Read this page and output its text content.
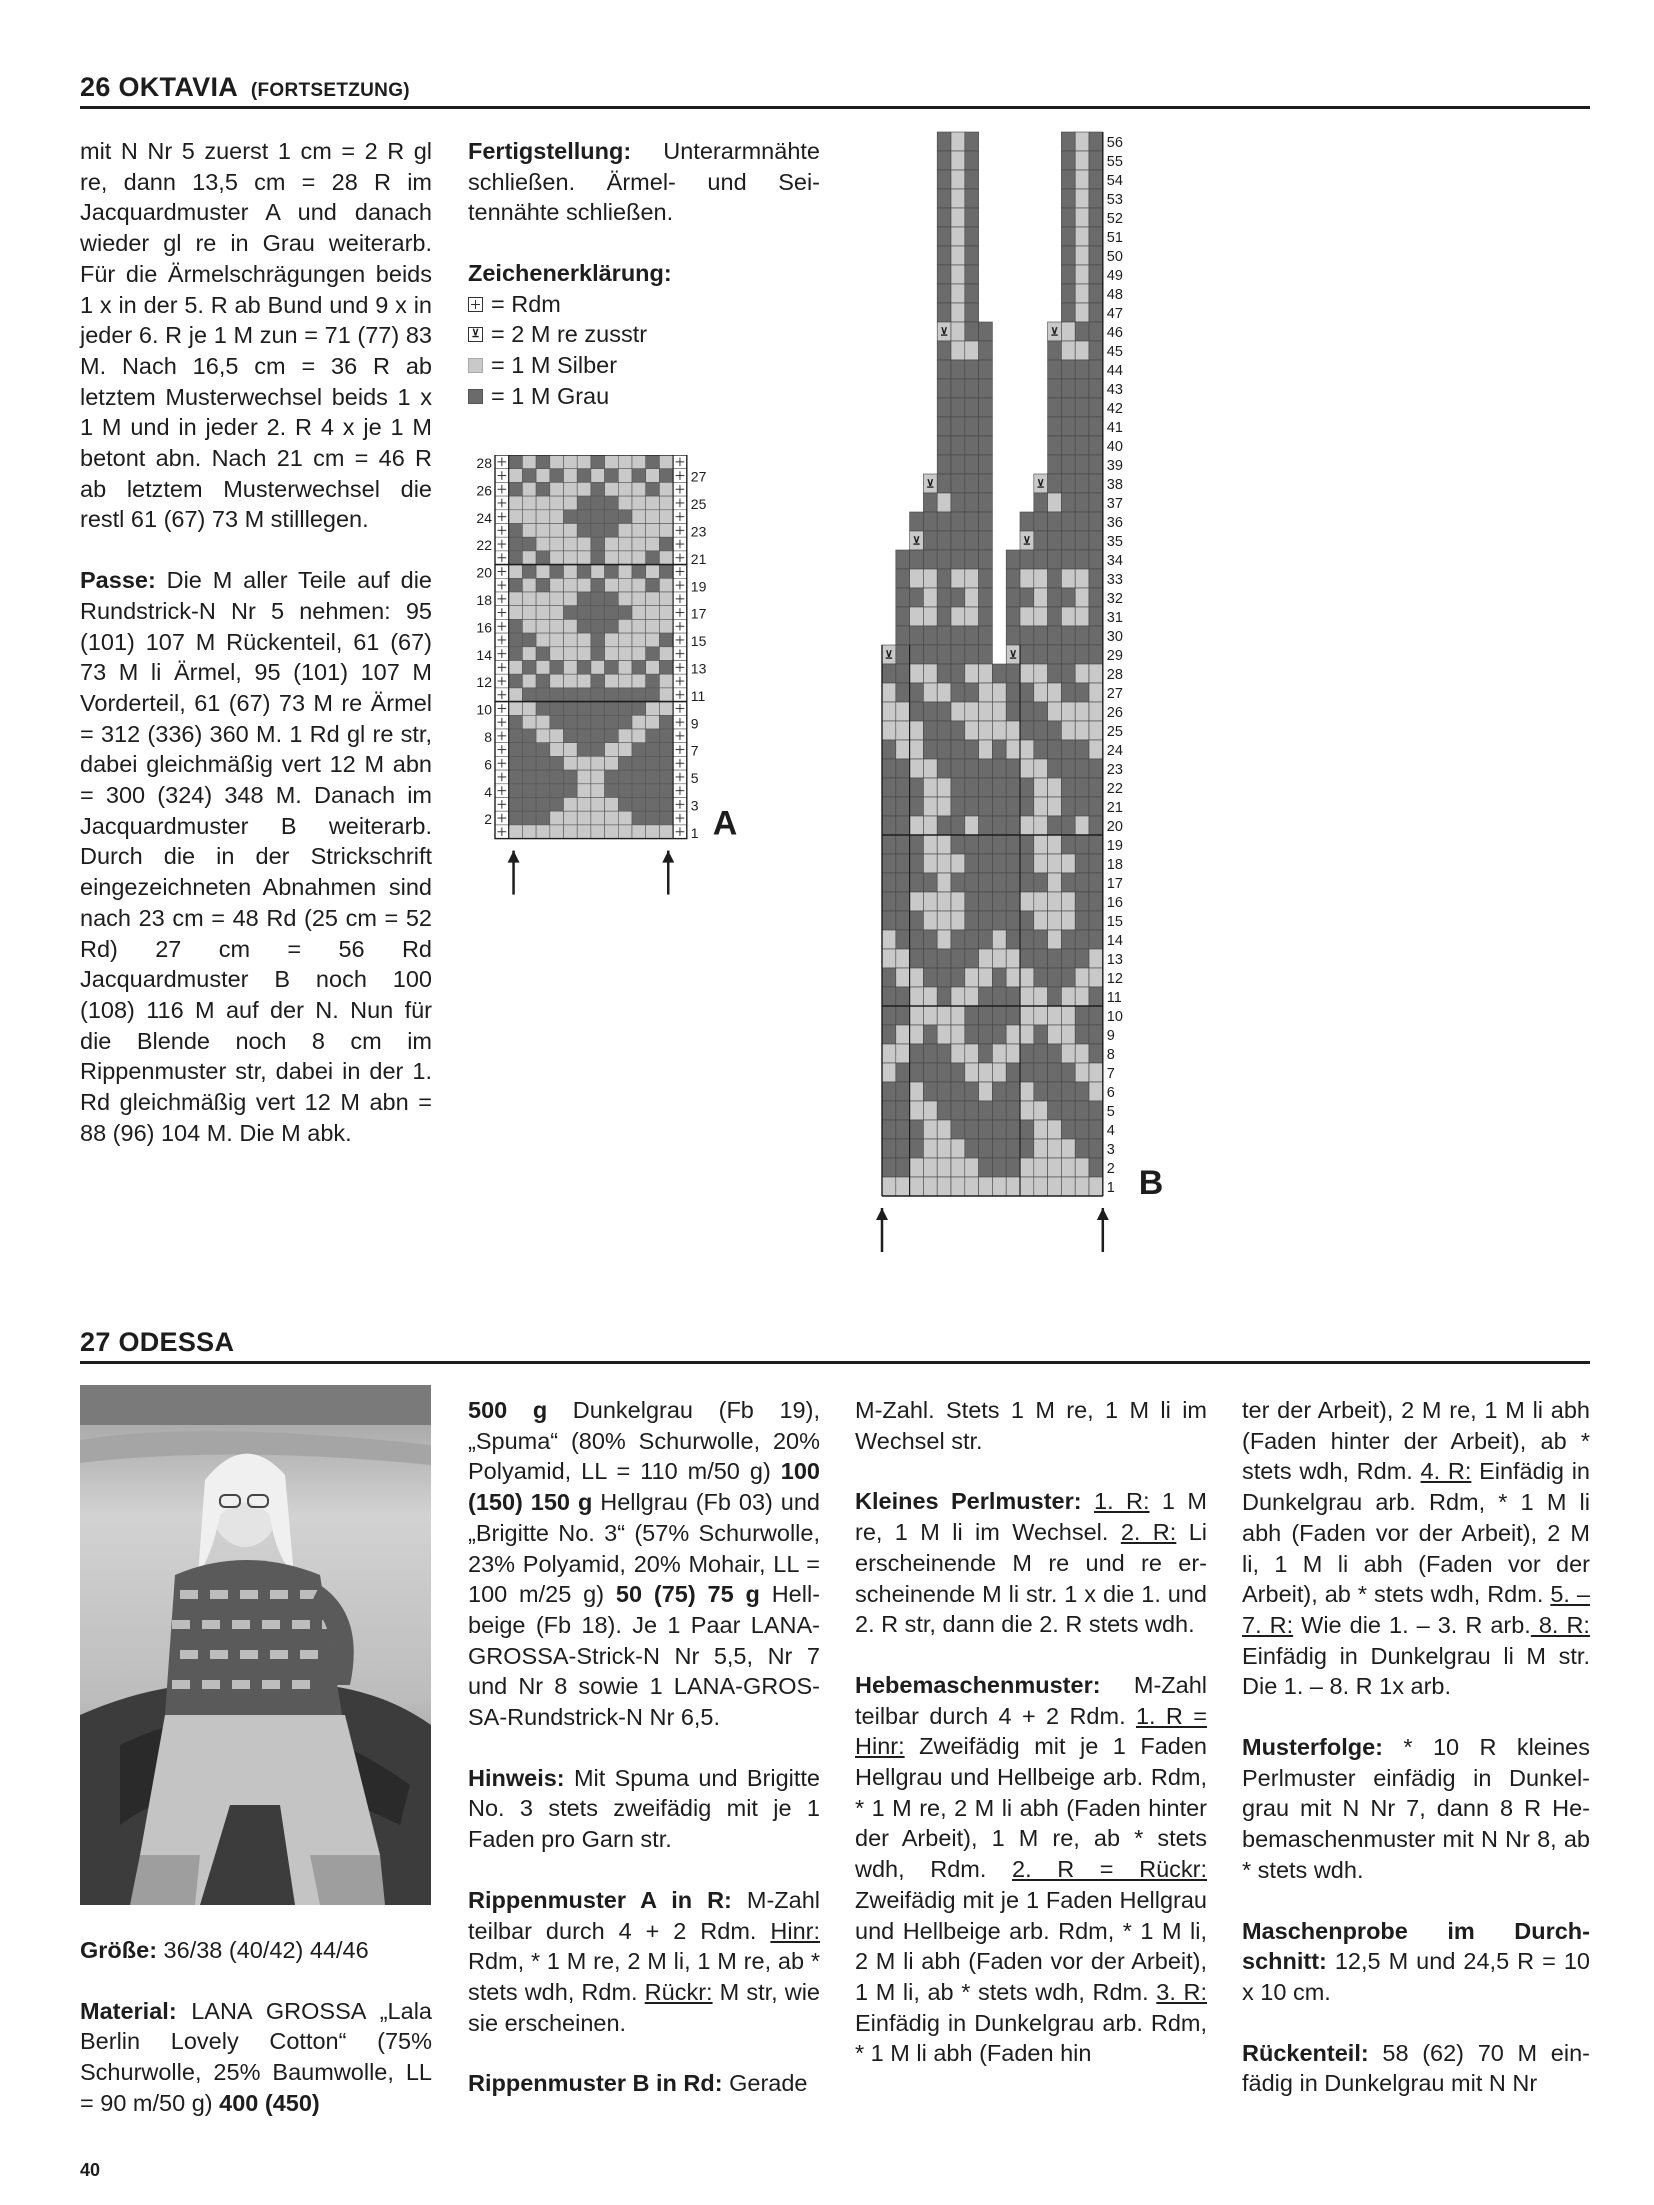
26 OKTAVIA (FORTSETZUNG)

mit N Nr 5 zuerst 1 cm = 2 R gl re, dann 13,5 cm = 28 R im Jacquardmuster A und danach wieder gl re in Grau weiterarb. Für die Ärmelschrägungen beids 1 x in der 5. R ab Bund und 9 x in jeder 6. R je 1 M zun = 71 (77) 83 M. Nach 16,5 cm = 36 R ab letztem Musterwechsel beids 1 x 1 M und in jeder 2. R 4 x je 1 M betont abn. Nach 21 cm = 46 R ab letztem Musterwechsel die restl 61 (67) 73 M stilllegen.

Passe: Die M aller Teile auf die Rundstrick-N Nr 5 nehmen: 95 (101) 107 M Rückenteil, 61 (67) 73 M li Ärmel, 95 (101) 107 M Vorderteil, 61 (67) 73 M re Ärmel = 312 (336) 360 M. 1 Rd gl re str, dabei gleichmäßig vert 12 M abn = 300 (324) 348 M. Danach im Jacquardmuster B weiterarb. Durch die in der Strickschrift eingezeichneten Abnahmen sind nach 23 cm = 48 Rd (25 cm = 52 Rd) 27 cm = 56 Rd Jacquardmuster B noch 100 (108) 116 M auf der N. Nun für die Blende noch 8 cm im Rippenmuster str, dabei in der 1. Rd gleichmäßig vert 12 M abn = 88 (96) 104 M. Die M abk.

Fertigstellung: Unterarmnähte schließen. Ärmel- und Seitennähte schließen.

Zeichenerklärung:
= Rdm
⊻ = 2 M re zusstr
= 1 M Silber
= 1 M Grau
28
26
24
22
20
18
16
14
12
10
8
6
4
2
27
25
23
21
19
17
15
13
11
9
7
5
3
1 A
⊻	⊻
⊻	⊻
⊻	⊻
⊻	⊻
56
55
54
53
52
51
50
49
48
47
46
45
44
43
42
41
40
39
38
37
36
35
34
33
32
31
30
29
28
27
26
25
24
23
22
21
20
19
18
17
16
15
14
13
12
11
10
9
8
7
6
5
4
3
2
1 B
27 ODESSA

Größe: 36/38 (40/42) 44/46

Material: LANA GROSSA „Lala Berlin Lovely Cotton“ (75% Schurwolle, 25% Baumwolle, LL = 90 m/50 g) 400 (450)

500 g Dunkelgrau (Fb 19), „Spuma“ (80% Schurwolle, 20% Polyamid, LL = 110 m/50 g) 100 (150) 150 g Hellgrau (Fb 03) und „Brigitte No. 3“ (57% Schurwolle, 23% Polyamid, 20% Mohair, LL = 100 m/25 g) 50 (75) 75 g Hellbeige (Fb 18). Je 1 Paar LANAGROSSA-Strick-N Nr 5,5, Nr 7 und Nr 8 sowie 1 LANA-GROSSA-Rundstrick-N Nr 6,5.

Hinweis: Mit Spuma und Brigitte No. 3 stets zweifädig mit je 1 Faden pro Garn str.

Rippenmuster A in R: M-Zahl teilbar durch 4 + 2 Rdm. Hinr: Rdm, * 1 M re, 2 M li, 1 M re, ab * stets wdh, Rdm. Rückr: M str, wie sie erscheinen.

Rippenmuster B in Rd: Gerade

M-Zahl. Stets 1 M re, 1 M li im Wechsel str.

Kleines Perlmuster: 1. R: 1 M re, 1 M li im Wechsel. 2. R: Li erscheinende M re und re erscheinende M li str. 1 x die 1. und 2. R str, dann die 2. R stets wdh.

Hebemaschenmuster: M-Zahl teilbar durch 4 + 2 Rdm. 1. R = Hinr: Zweifädig mit je 1 Faden Hellgrau und Hellbeige arb. Rdm, * 1 M re, 2 M li abh (Faden hinter der Arbeit), 1 M re, ab * stets wdh, Rdm. 2. R = Rückr: Zweifädig mit je 1 Faden Hellgrau und Hellbeige arb. Rdm, * 1 M li, 2 M li abh (Faden vor der Arbeit), 1 M li, ab * stets wdh, Rdm. 3. R: Einfädig in Dunkelgrau arb. Rdm, * 1 M li abh (Faden hin

ter der Arbeit), 2 M re, 1 M li abh (Faden hinter der Arbeit), ab * stets wdh, Rdm. 4. R: Einfädig in Dunkelgrau arb. Rdm, * 1 M li abh (Faden vor der Arbeit), 2 M li, 1 M li abh (Faden vor der Arbeit), ab * stets wdh, Rdm. 5. – 7. R: Wie die 1. – 3. R arb. 8. R: Einfädig in Dunkelgrau li M str. Die 1. – 8. R 1x arb.

Musterfolge: * 10 R kleines Perlmuster einfädig in Dunkelgrau mit N Nr 7, dann 8 R Hebemaschenmuster mit N Nr 8, ab * stets wdh.

Maschenprobe im Durchschnitt: 12,5 M und 24,5 R = 10 x 10 cm.

Rückenteil: 58 (62) 70 M einfädig in Dunkelgrau mit N Nr

40
